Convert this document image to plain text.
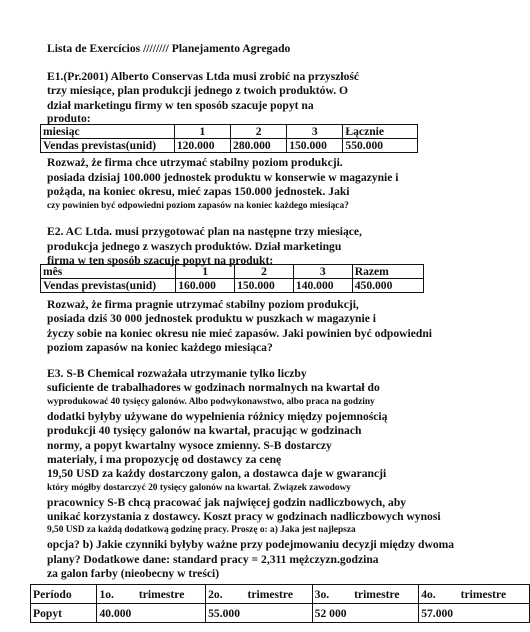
Lista de Exercícios //////// Planejamento Agregado
E1.(Pr.2001) Alberto Conservas Ltda musi zrobić na przyszłość
trzy miesiące, plan produkcji jednego z twoich produktów. O
dział marketingu firmy w ten sposób szacuje popyt na
produto:
miesiąc	1	2	3	Łącznie
Vendas previstas(unid)	120.000	280.000	150.000	550.000
Rozważ, że firma chce utrzymać stabilny poziom produkcji.
posiada dzisiaj 100.000 jednostek produktu w konserwie w magazynie i
pożąda, na koniec okresu, mieć zapas 150.000 jednostek. Jaki
czy powinien być odpowiedni poziom zapasów na koniec każdego miesiąca?
E2. AC Ltda. musi przygotować plan na następne trzy miesiące,
produkcja jednego z waszych produktów. Dział marketingu
firma w ten sposób szacuje popyt na produkt:
mês	1	2	3	Razem
Vendas previstas(unid)	160.000	150.000	140.000	450.000
Rozważ, że firma pragnie utrzymać stabilny poziom produkcji,
posiada dziś 30 000 jednostek produktu w puszkach w magazynie i
życzy sobie na koniec okresu nie mieć zapasów. Jaki powinien być odpowiedni
poziom zapasów na koniec każdego miesiąca?
E3. S-B Chemical rozważała utrzymanie tylko liczby
suficiente de trabalhadores w godzinach normalnych na kwartał do
wyprodukować 40 tysięcy galonów. Albo podwykonawstwo, albo praca na godziny
dodatki byłyby używane do wypełnienia różnicy między pojemnością
produkcji 40 tysięcy galonów na kwartał, pracując w godzinach
normy, a popyt kwartalny wysoce zmienny. S-B dostarczy
materiały, i ma propozycję od dostawcy za cenę
19,50 USD za każdy dostarczony galon, a dostawca daje w gwarancji
który mógłby dostarczyć 20 tysięcy galonów na kwartał. Związek zawodowy
pracownicy S-B chcą pracować jak najwięcej godzin nadliczbowych, aby
unikać korzystania z dostawcy. Koszt pracy w godzinach nadliczbowych wynosi
9,50 USD za każdą dodatkową godzinę pracy. Proszę o: a) Jaka jest najlepsza
opcja? b) Jakie czynniki byłyby ważne przy podejmowaniu decyzji między dwoma
plany? Dodatkowe dane: standard pracy = 2,311 mężczyzn.godzina
za galon farby (nieobecny w treści)
Período	1o. trimestre	2o. trimestre	3o. trimestre	4o. trimestre
Popyt	40.000	55.000	52 000	57.000
